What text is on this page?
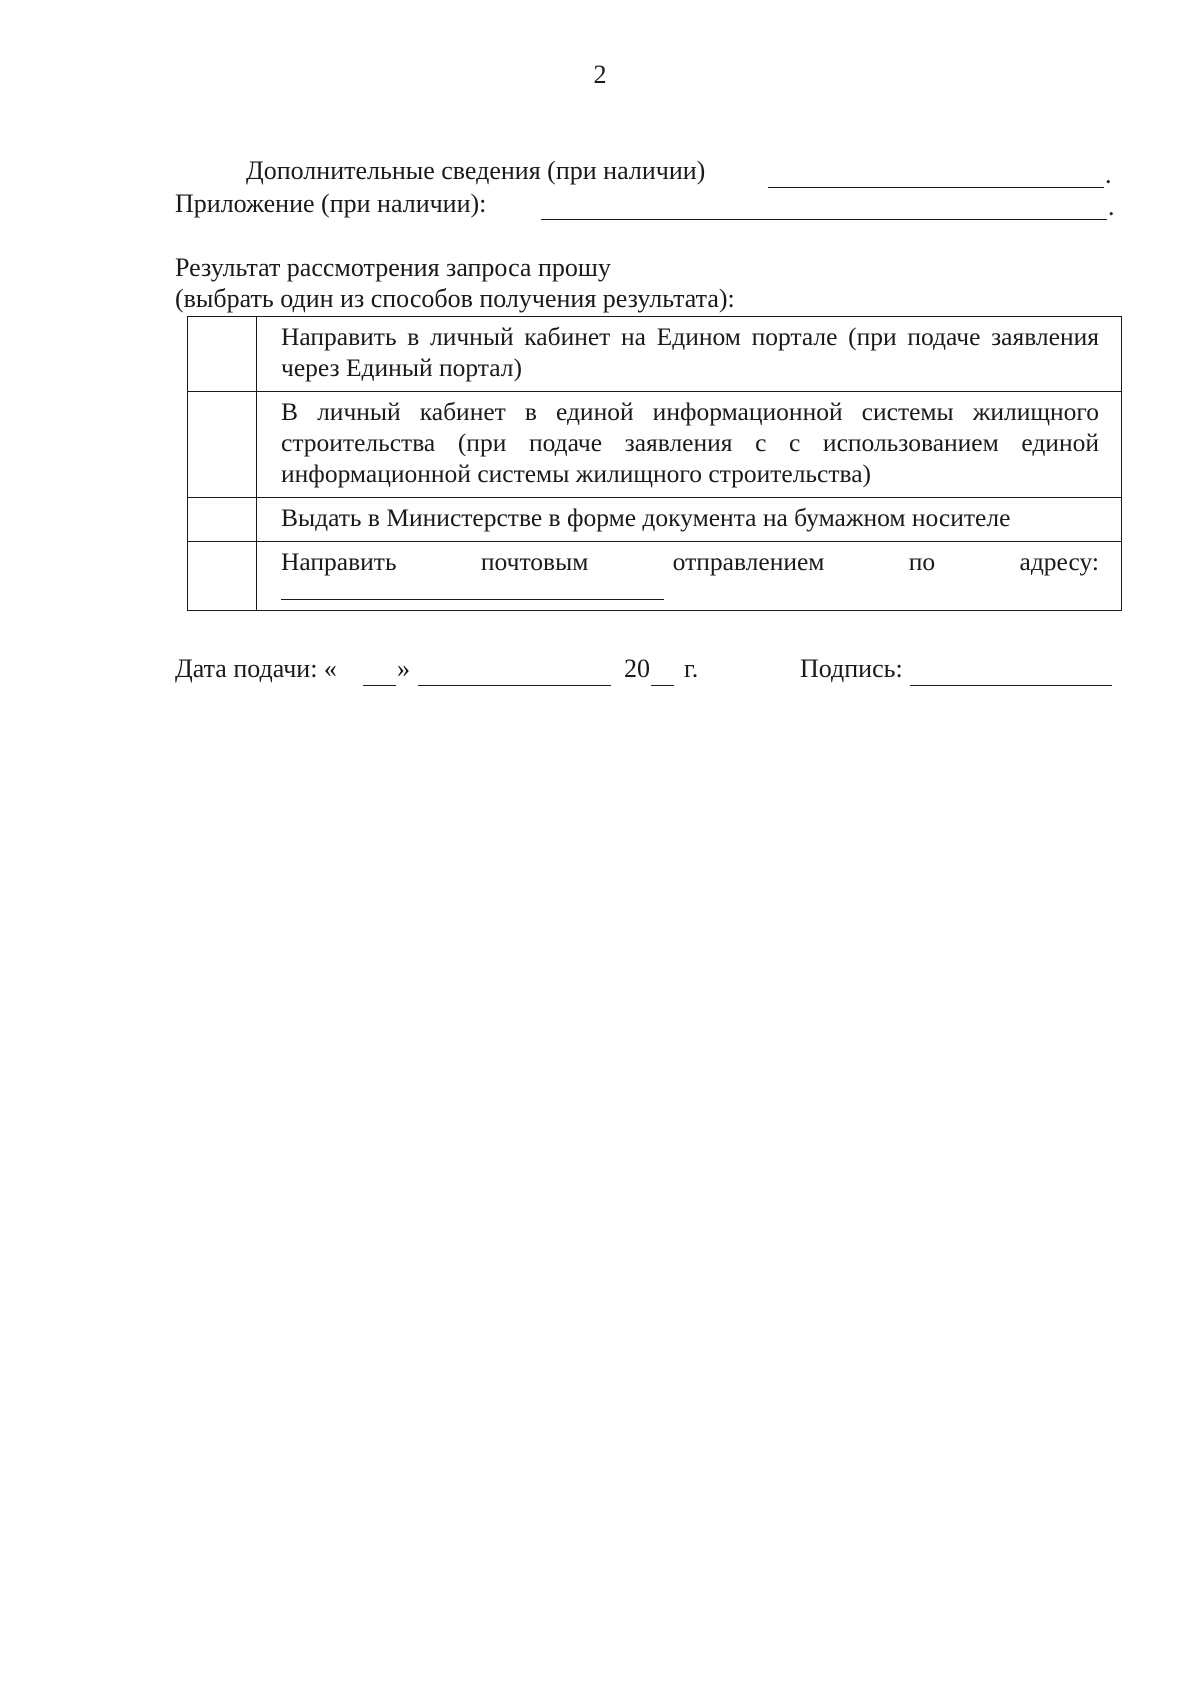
2
Дополнительные сведения (при наличии)	.
Приложение (при наличии):	.
Результат рассмотрения запроса прошу
(выбрать один из способов получения результата):
	Направить в личный кабинет на Едином портале (при подаче заявления через Единый портал)
	В личный кабинет в единой информационной системы жилищного строительства (при подаче заявления с с использованием единой информационной системы жилищного строительства)
	Выдать в Министерстве в форме документа на бумажном носителе

	Направить почтовым отправлением по адресу:
Дата подачи: « »	20 г.	Подпись:
